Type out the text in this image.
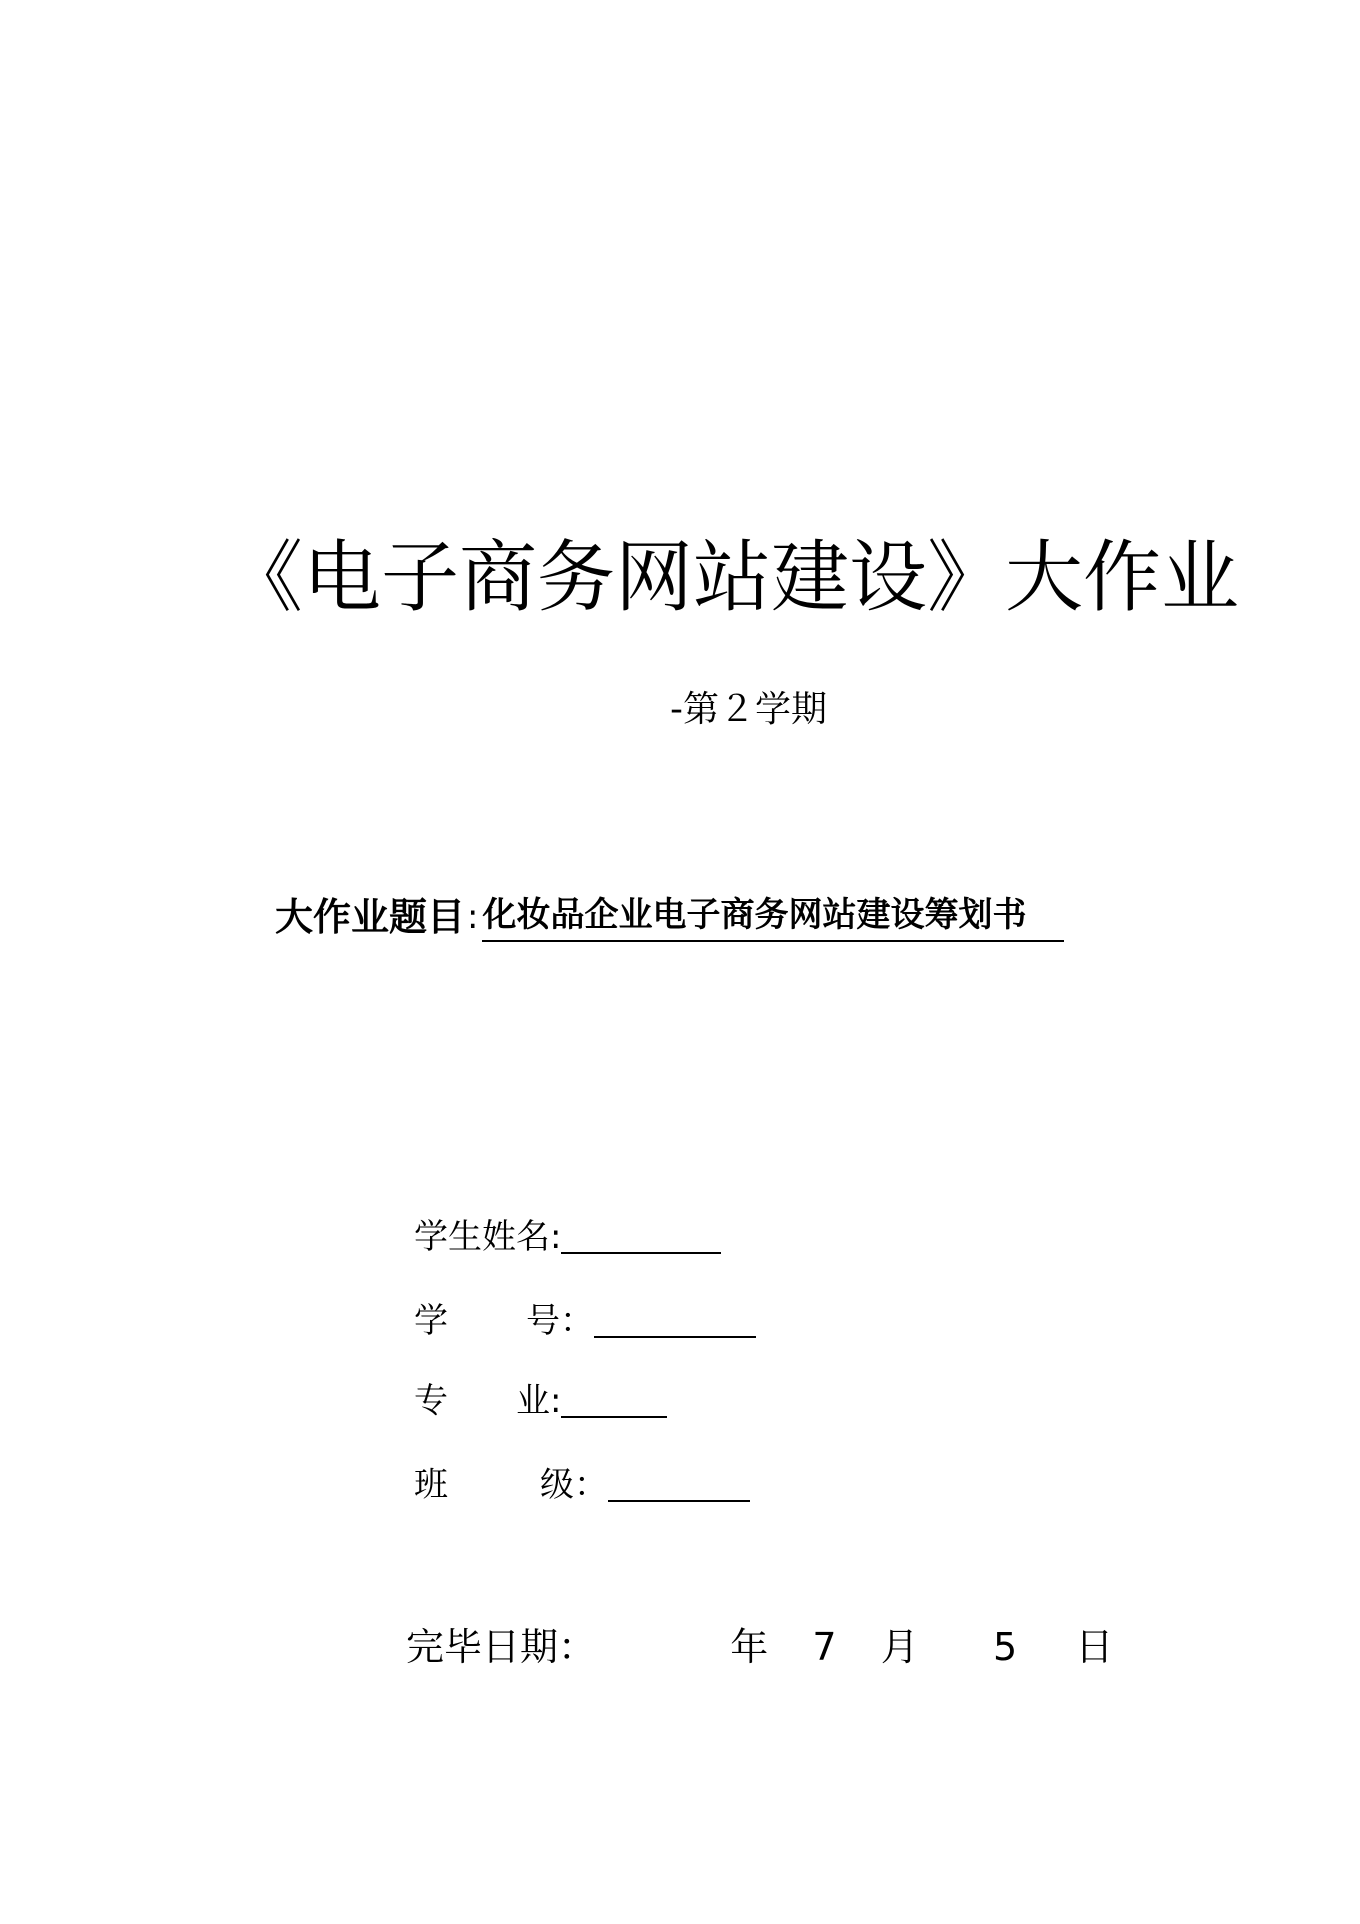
《电子商务网站建设》大作业
-第２学期
大作业题目 : 化妆品企业电子商务网站建设筹划书
学生姓名:
学 号：
专 业:
班	级：
完毕日期：	年 7 月 5 日
